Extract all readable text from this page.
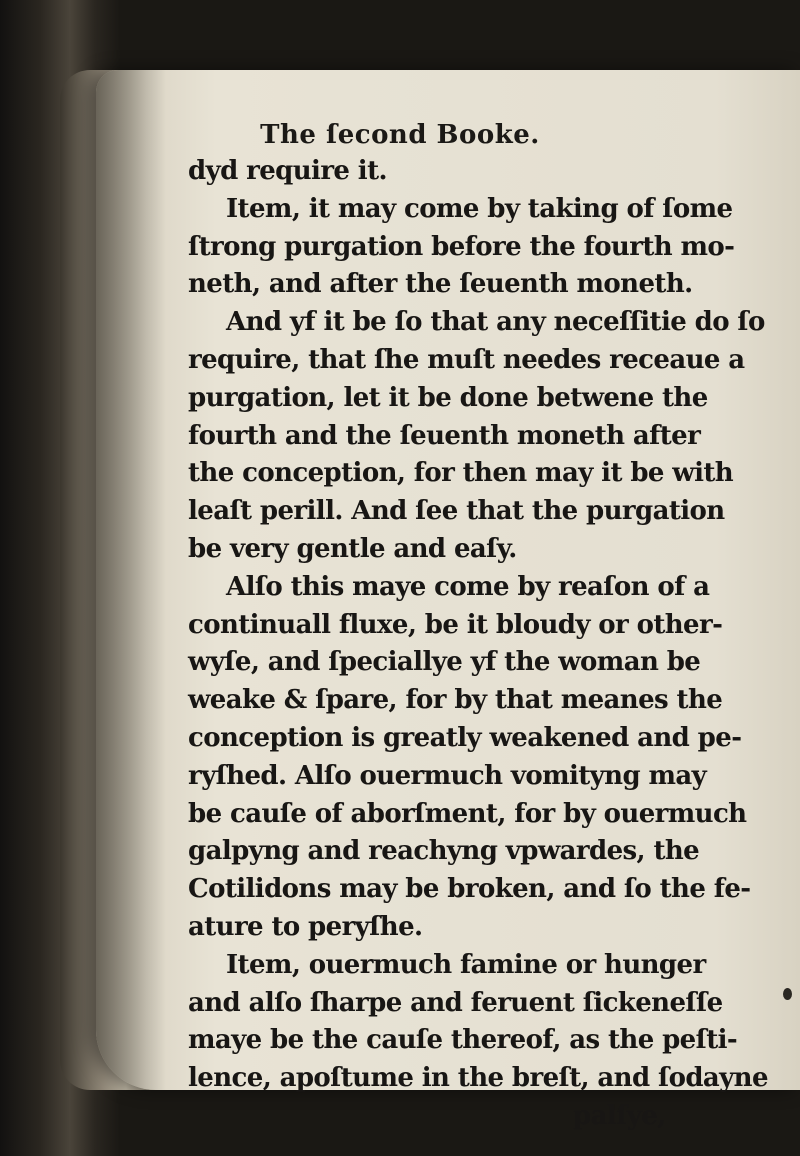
The ſecond Booke.
dyd require it.
Item, it may come by taking of ſome
ſtrong purgation before the fourth mo‑
neth, and after the ſeuenth moneth.
And yf it be ſo that any neceſſitie do ſo
require, that ſhe muſt needes receaue a
purgation, let it be done betwene the
fourth and the ſeuenth moneth after
the conception, for then may it be with
leaſt perill. And ſee that the purgation
be very gentle and eaſy.
Alſo this maye come by reaſon of a
continuall fluxe, be it bloudy or other‑
wyſe, and ſpeciallye yf the woman be
weake & ſpare, for by that meanes the
conception is greatly weakened and pe‑
ryſhed. Alſo ouermuch vomityng may
be cauſe of aborſment, for by ouermuch
galpyng and reachyng vpwardes, the
Cotilidons may be broken, and ſo the fe‑
ature to peryſhe.
Item, ouermuch famine or hunger
and alſo ſharpe and feruent ſickeneſſe
maye be the cauſe thereof, as the peſti‑
lence, apoſtume in the breſt, and ſodayne
palſye,
